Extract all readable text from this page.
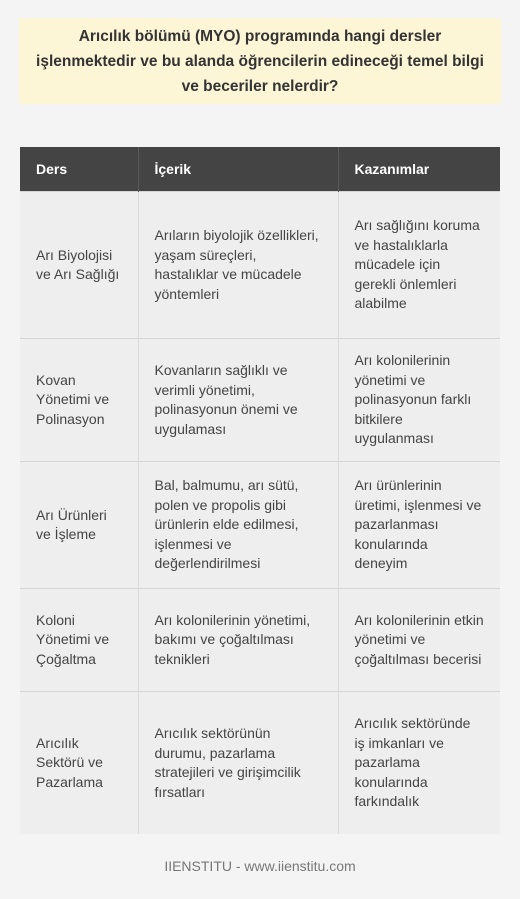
Arıcılık bölümü (MYO) programında hangi dersler işlenmektedir ve bu alanda öğrencilerin edineceği temel bilgi ve beceriler nelerdir?
Ders	İçerik	Kazanımlar
Arı Biyolojisi ve Arı Sağlığı	Arıların biyolojik özellikleri, yaşam süreçleri, hastalıklar ve mücadele yöntemleri	Arı sağlığını koruma ve hastalıklarla mücadele için gerekli önlemleri alabilme
Kovan Yönetimi ve Polinasyon	Kovanların sağlıklı ve verimli yönetimi, polinasyonun önemi ve uygulaması	Arı kolonilerinin yönetimi ve polinasyonun farklı bitkilere uygulanması
Arı Ürünleri ve İşleme	Bal, balmumu, arı sütü, polen ve propolis gibi ürünlerin elde edilmesi, işlenmesi ve değerlendirilmesi	Arı ürünlerinin üretimi, işlenmesi ve pazarlanması konularında deneyim
Koloni Yönetimi ve Çoğaltma	Arı kolonilerinin yönetimi, bakımı ve çoğaltılması teknikleri	Arı kolonilerinin etkin yönetimi ve çoğaltılması becerisi
Arıcılık Sektörü ve Pazarlama	Arıcılık sektörünün durumu, pazarlama stratejileri ve girişimcilik fırsatları	Arıcılık sektöründe iş imkanları ve pazarlama konularında farkındalık
IIENSTITU - www.iienstitu.com
